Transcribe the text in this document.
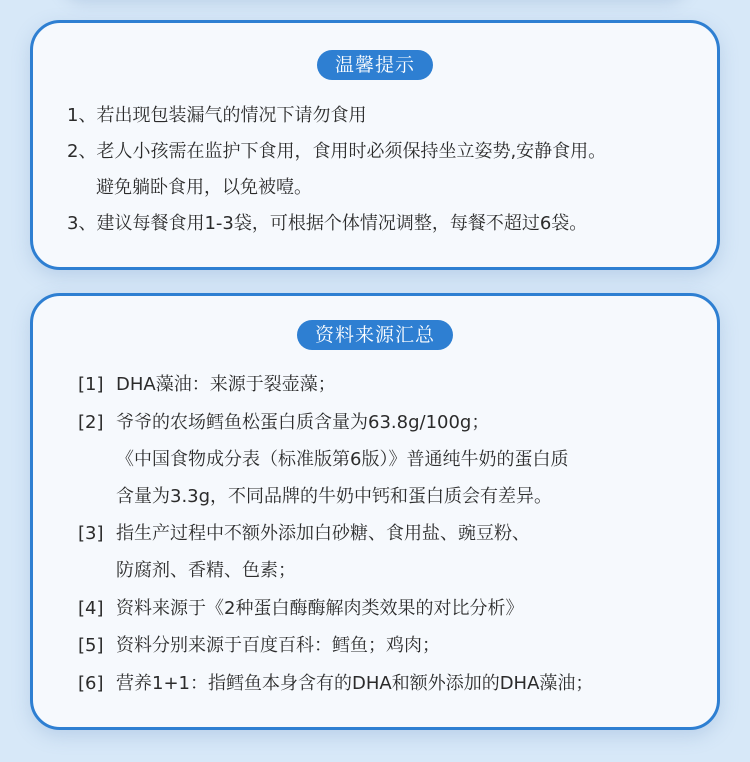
温馨提示
1、若出现包装漏气的情况下请勿食用
2、老人小孩需在监护下食用，食用时必须保持坐立姿势,安静食用。
避免躺卧食用，以免被噎。
3、建议每餐食用1-3袋，可根据个体情况调整，每餐不超过6袋。
资料来源汇总
[1] DHA藻油：来源于裂壶藻；
[2] 爷爷的农场鳕鱼松蛋白质含量为63.8g/100g；
《中国食物成分表（标准版第6版）》普通纯牛奶的蛋白质
含量为3.3g，不同品牌的牛奶中钙和蛋白质会有差异。
[3] 指生产过程中不额外添加白砂糖、食用盐、豌豆粉、
防腐剂、香精、色素；
[4] 资料来源于《2种蛋白酶酶解肉类效果的对比分析》
[5] 资料分别来源于百度百科：鳕鱼；鸡肉；
[6] 营养1+1：指鳕鱼本身含有的DHA和额外添加的DHA藻油；
